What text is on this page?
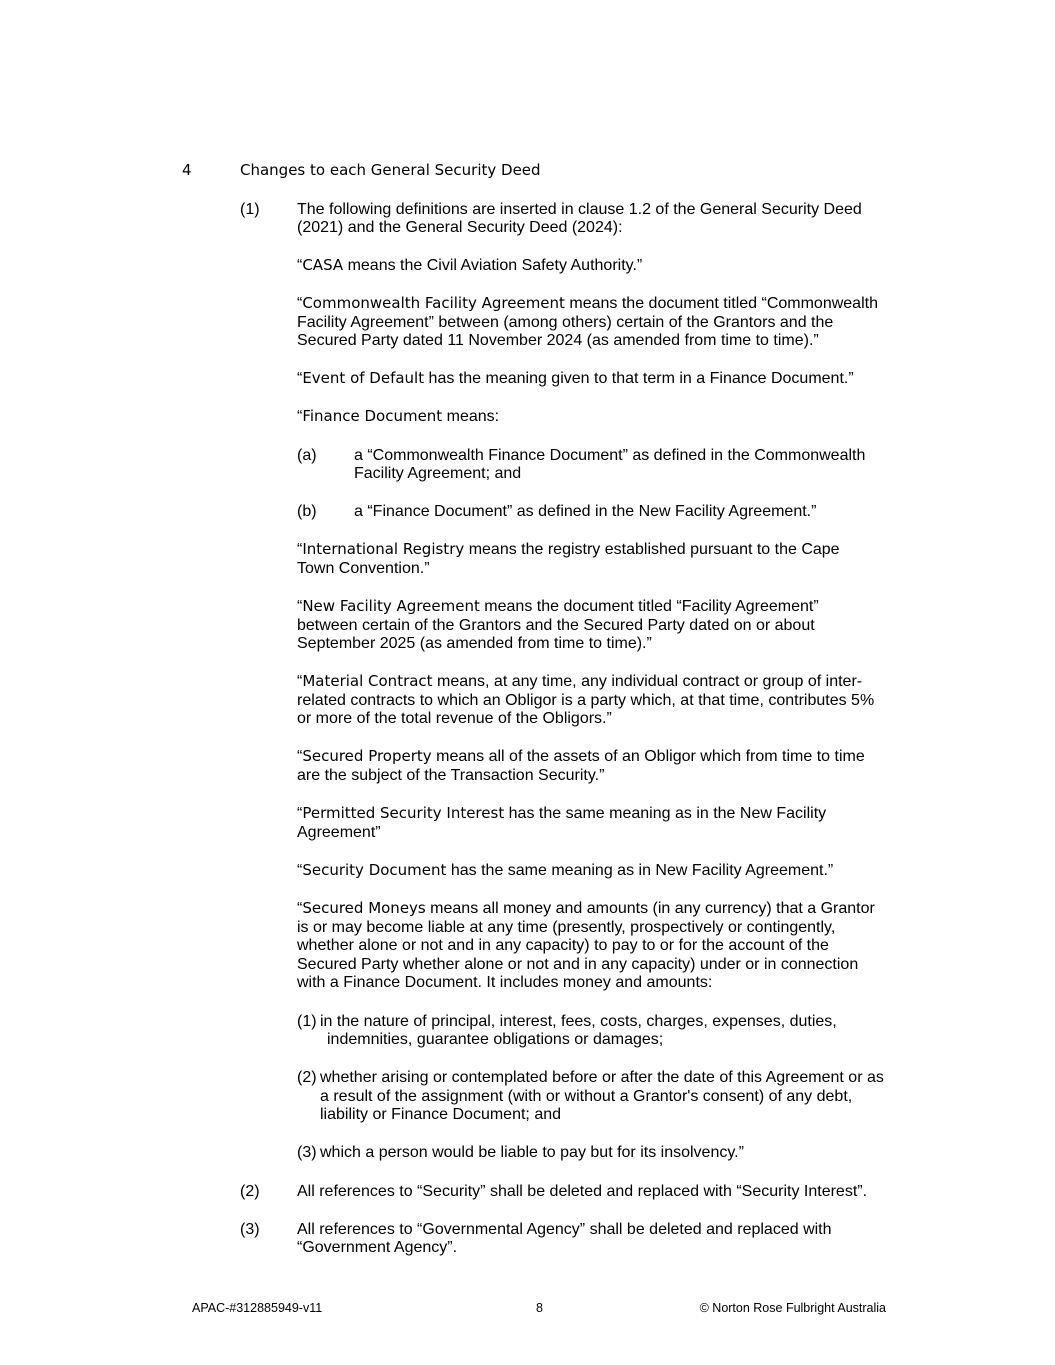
4	Changes to each General Security Deed
(1) The following definitions are inserted in clause 1.2 of the General Security Deed
(2021) and the General Security Deed (2024):
“CASA means the Civil Aviation Safety Authority.”
“Commonwealth Facility Agreement means the document titled “Commonwealth
Facility Agreement” between (among others) certain of the Grantors and the
Secured Party dated 11 November 2024 (as amended from time to time).”
“Event of Default has the meaning given to that term in a Finance Document.”
“Finance Document means:
(a) a “Commonwealth Finance Document” as defined in the Commonwealth
Facility Agreement; and
(b) a “Finance Document” as defined in the New Facility Agreement.”
“International Registry means the registry established pursuant to the Cape
Town Convention.”
“New Facility Agreement means the document titled “Facility Agreement”
between certain of the Grantors and the Secured Party dated on or about
September 2025 (as amended from time to time).”
“Material Contract means, at any time, any individual contract or group of inter-
related contracts to which an Obligor is a party which, at that time, contributes 5%
or more of the total revenue of the Obligors.”
“Secured Property means all of the assets of an Obligor which from time to time
are the subject of the Transaction Security.”
“Permitted Security Interest has the same meaning as in the New Facility
Agreement”
“Security Document has the same meaning as in New Facility Agreement.”
“Secured Moneys means all money and amounts (in any currency) that a Grantor
is or may become liable at any time (presently, prospectively or contingently,
whether alone or not and in any capacity) to pay to or for the account of the
Secured Party whether alone or not and in any capacity) under or in connection
with a Finance Document. It includes money and amounts:
(1) in the nature of principal, interest, fees, costs, charges, expenses, duties,
indemnities, guarantee obligations or damages;
(2) whether arising or contemplated before or after the date of this Agreement or as
a result of the assignment (with or without a Grantor's consent) of any debt,
liability or Finance Document; and
(3) which a person would be liable to pay but for its insolvency.”
(2) All references to “Security” shall be deleted and replaced with “Security Interest”.
(3) All references to “Governmental Agency” shall be deleted and replaced with
“Government Agency”.
APAC-#312885949-v11	8	© Norton Rose Fulbright Australia
